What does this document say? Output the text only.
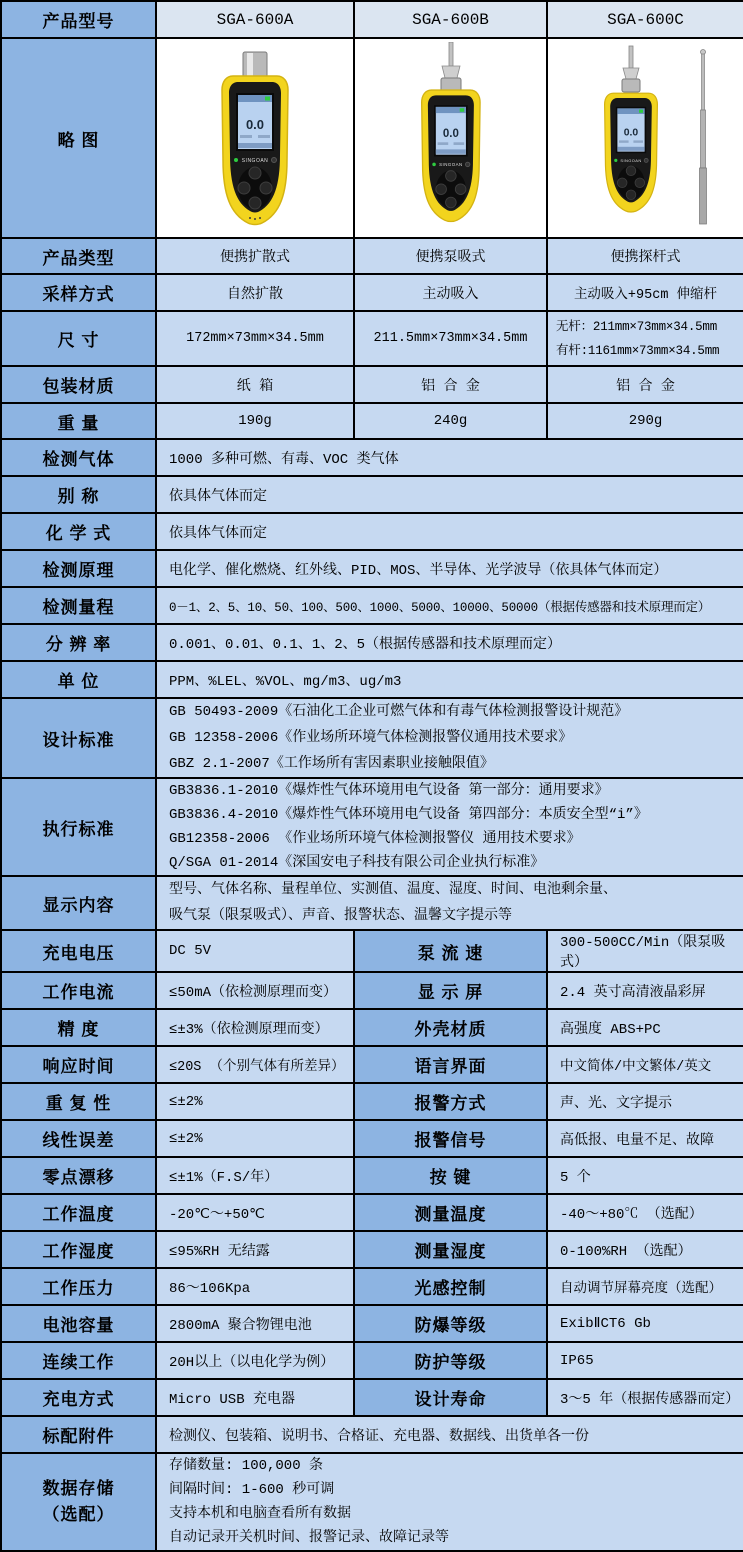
产品型号	SGA-600A	SGA-600B	SGA-600C
略 图	0.0
SINGOAN	0.0
SINGOAN	0.0
SINGOAN

产品类型	便携扩散式	便携泵吸式	便携探杆式
采样方式	自然扩散	主动吸入	主动吸入+95cm 伸缩杆
尺 寸	172mm×73mm×34.5mm	211.5mm×73mm×34.5mm	无杆：211mm×73mm×34.5mm
有杆:1161mm×73mm×34.5mm

包装材质	纸 箱	铝 合 金	铝 合 金
重 量	190g	240g	290g
检测气体	1000 多种可燃、有毒、VOC 类气体		
别 称	依具体气体而定		
化 学 式	依具体气体而定		
检测原理	电化学、催化燃烧、红外线、PID、MOS、半导体、光学波导（依具体气体而定）		
检测量程	0－1、2、5、10、50、100、500、1000、5000、10000、50000（根据传感器和技术原理而定）		
分 辨 率	0.001、0.01、0.1、1、2、5（根据传感器和技术原理而定）		
单 位	PPM、%LEL、%VOL、mg/m3、ug/m3		
设计标准	GB 50493-2009《石油化工企业可燃气体和有毒气体检测报警设计规范》
GB 12358-2006《作业场所环境气体检测报警仪通用技术要求》
GBZ 2.1-2007《工作场所有害因素职业接触限值》		

执行标准	GB3836.1-2010《爆炸性气体环境用电气设备 第一部分：通用要求》
GB3836.4-2010《爆炸性气体环境用电气设备 第四部分：本质安全型“i”》
GB12358-2006 《作业场所环境气体检测报警仪 通用技术要求》
Q/SGA 01-2014《深国安电子科技有限公司企业执行标准》		

显示内容	型号、气体名称、量程单位、实测值、温度、湿度、时间、电池剩余量、
吸气泵（限泵吸式）、声音、报警状态、温馨文字提示等		

充电电压	DC 5V	泵 流 速	300-500CC/Min（限泵吸式）
工作电流	≤50mA（依检测原理而变）	显 示 屏	2.4 英寸高清液晶彩屏
精 度	≤±3%（依检测原理而变）	外壳材质	高强度 ABS+PC
响应时间	≤20S （个别气体有所差异）	语言界面	中文简体/中文繁体/英文
重 复 性	≤±2%	报警方式	声、光、文字提示
线性误差	≤±2%	报警信号	高低报、电量不足、故障
零点漂移	≤±1%（F.S/年）	按 键	5 个
工作温度	-20℃～+50℃	测量温度	-40～+80℃ （选配）
工作湿度	≤95%RH 无结露	测量湿度	0-100%RH （选配）
工作压力	86～106Kpa	光感控制	自动调节屏幕亮度（选配）
电池容量	2800mA 聚合物锂电池	防爆等级	ExibⅡCT6 Gb
连续工作	20H以上（以电化学为例）	防护等级	IP65
充电方式	Micro USB 充电器	设计寿命	3～5 年（根据传感器而定）
标配附件	检测仪、包装箱、说明书、合格证、充电器、数据线、出货单各一份		

数据存储
（选配）

存储数量: 100,000 条
间隔时间: 1-600 秒可调
支持本机和电脑查看所有数据
自动记录开关机时间、报警记录、故障记录等
